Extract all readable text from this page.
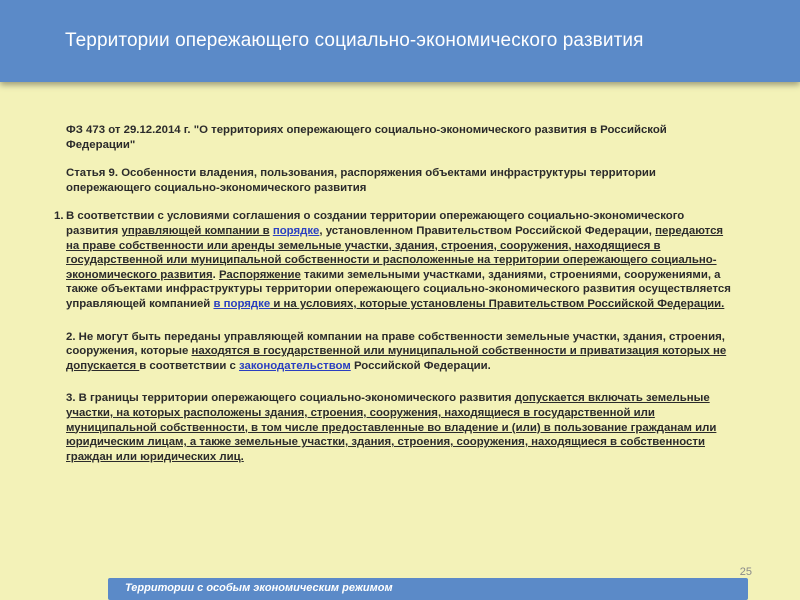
Территории опережающего социально-экономического развития

ФЗ 473 от 29.12.2014 г. "О территориях опережающего социально-экономического развития в Российской Федерации"

Статья 9. Особенности владения, пользования, распоряжения объектами инфраструктуры территории опережающего социально-экономического развития

1. В соответствии с условиями соглашения о создании территории опережающего социально-экономического развития управляющей компании в порядке, установленном Правительством Российской Федерации, передаются на праве собственности или аренды земельные участки, здания, строения, сооружения, находящиеся в государственной или муниципальной собственности и расположенные на территории опережающего социально-экономического развития. Распоряжение такими земельными участками, зданиями, строениями, сооружениями, а также объектами инфраструктуры территории опережающего социально-экономического развития осуществляется управляющей компанией в порядке и на условиях, которые установлены Правительством Российской Федерации.

2. Не могут быть переданы управляющей компании на праве собственности земельные участки, здания, строения, сооружения, которые находятся в государственной или муниципальной собственности и приватизация которых не допускается в соответствии с законодательством Российской Федерации.

3. В границы территории опережающего социально-экономического развития допускается включать земельные участки, на которых расположены здания, строения, сооружения, находящиеся в государственной или муниципальной собственности, в том числе предоставленные во владение и (или) в пользование гражданам или юридическим лицам, а также земельные участки, здания, строения, сооружения, находящиеся в собственности граждан или юридических лиц.

25
Территории с особым экономическим режимом
